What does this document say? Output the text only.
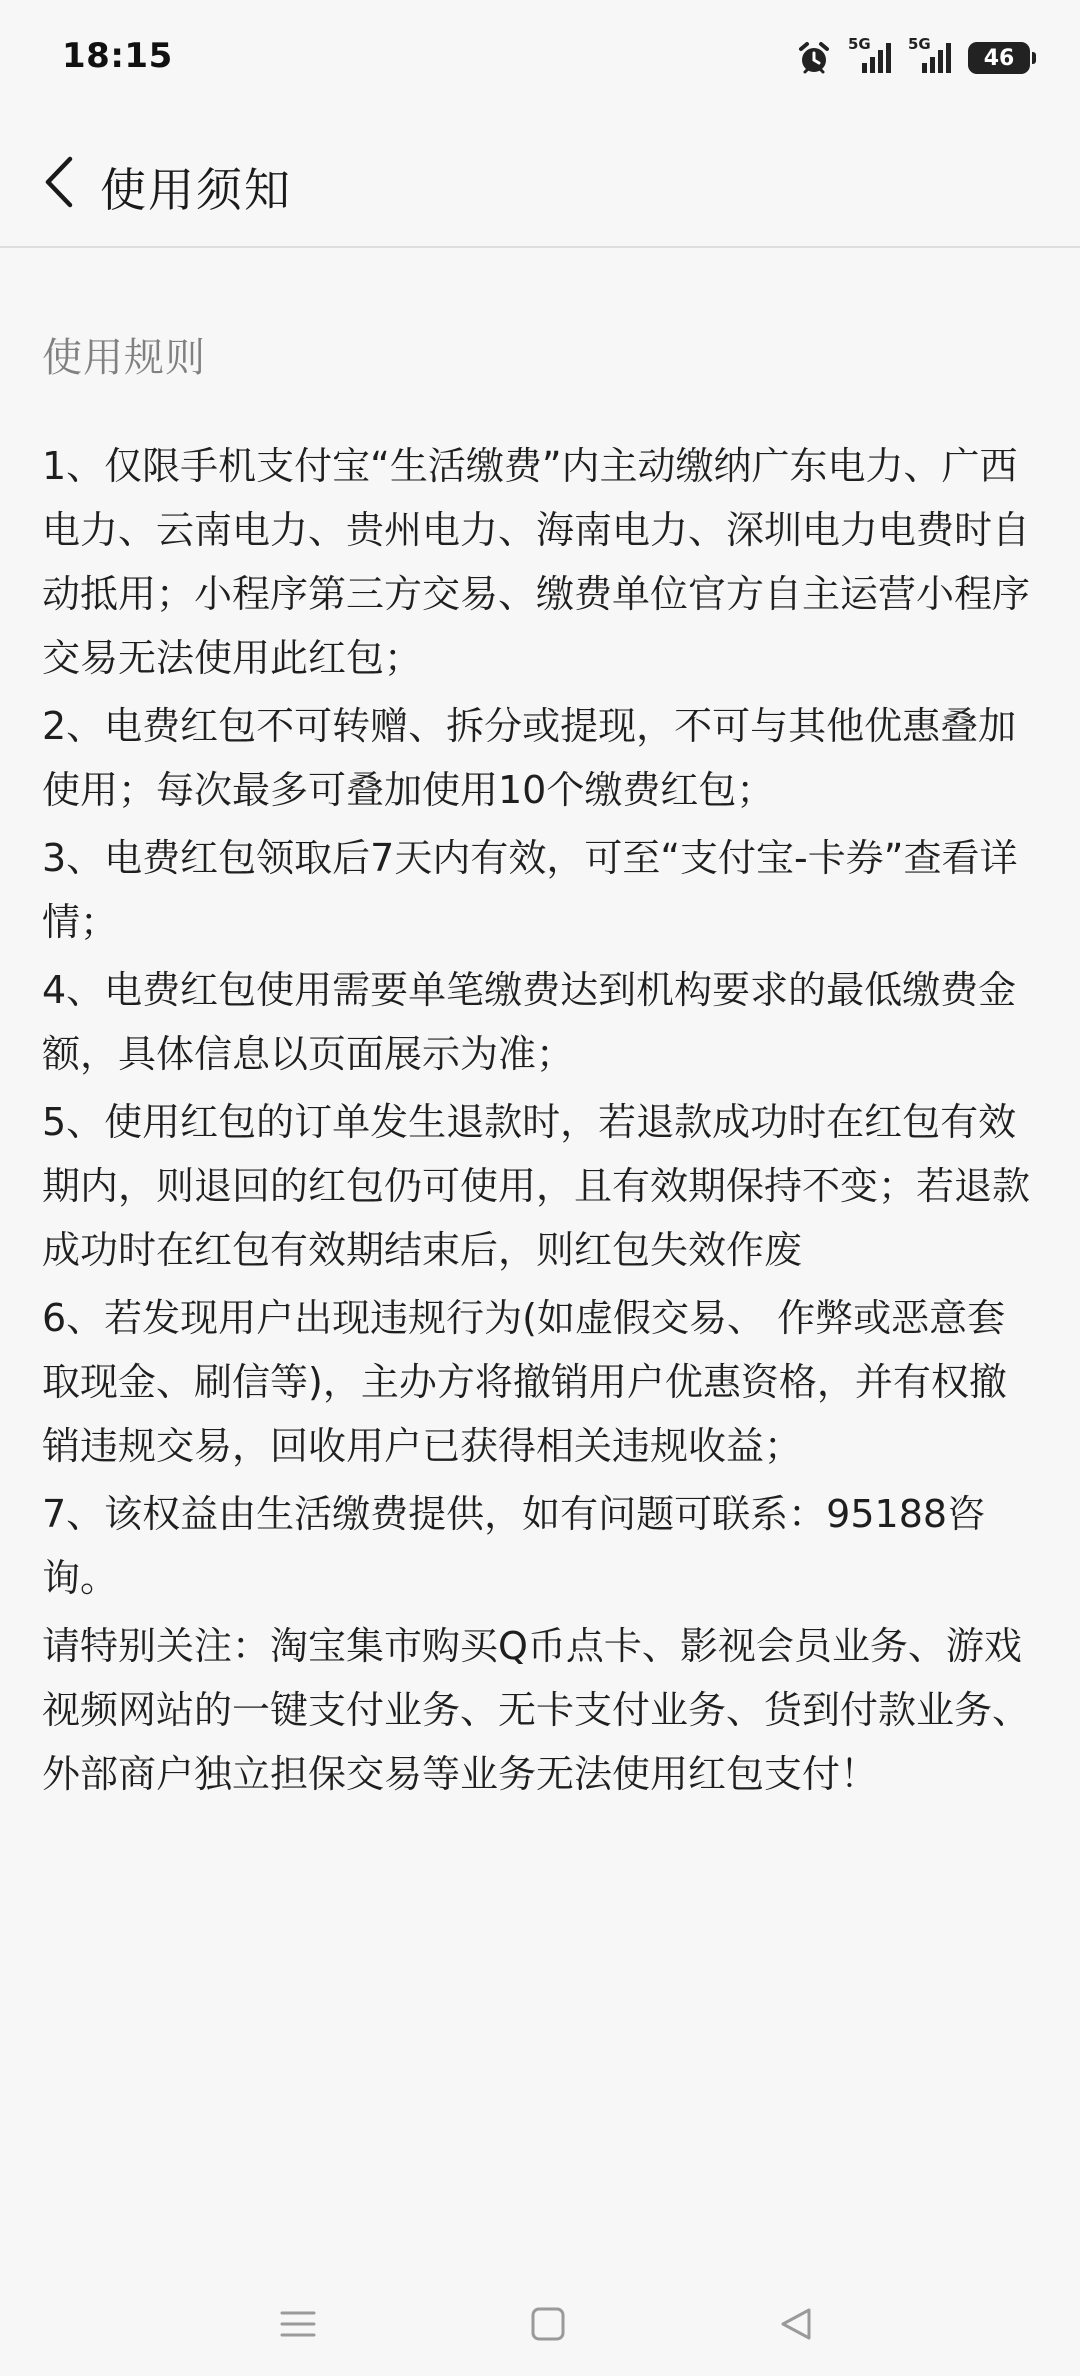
18:15	5G 5G
46
使用须知
使用规则

1、仅限手机支付宝“生活缴费”内主动缴纳广东电力、广西电力、云南电力、贵州电力、海南电力、深圳电力电费时自动抵用；小程序第三方交易、缴费单位官方自主运营小程序交易无法使用此红包；

2、电费红包不可转赠、拆分或提现，不可与其他优惠叠加使用；每次最多可叠加使用10个缴费红包；

3、电费红包领取后7天内有效，可至“支付宝-卡券”查看详情；

4、电费红包使用需要单笔缴费达到机构要求的最低缴费金额，具体信息以页面展示为准；

5、使用红包的订单发生退款时，若退款成功时在红包有效期内，则退回的红包仍可使用，且有效期保持不变；若退款成功时在红包有效期结束后，则红包失效作废

6、若发现用户出现违规行为(如虚假交易、 作弊或恶意套取现金、刷信等)，主办方将撤销用户优惠资格，并有权撤销违规交易，回收用户已获得相关违规收益；

7、该权益由生活缴费提供，如有问题可联系：95188咨询。

请特别关注：淘宝集市购买Q币点卡、影视会员业务、游戏视频网站的一键支付业务、无卡支付业务、货到付款业务、外部商户独立担保交易等业务无法使用红包支付！
